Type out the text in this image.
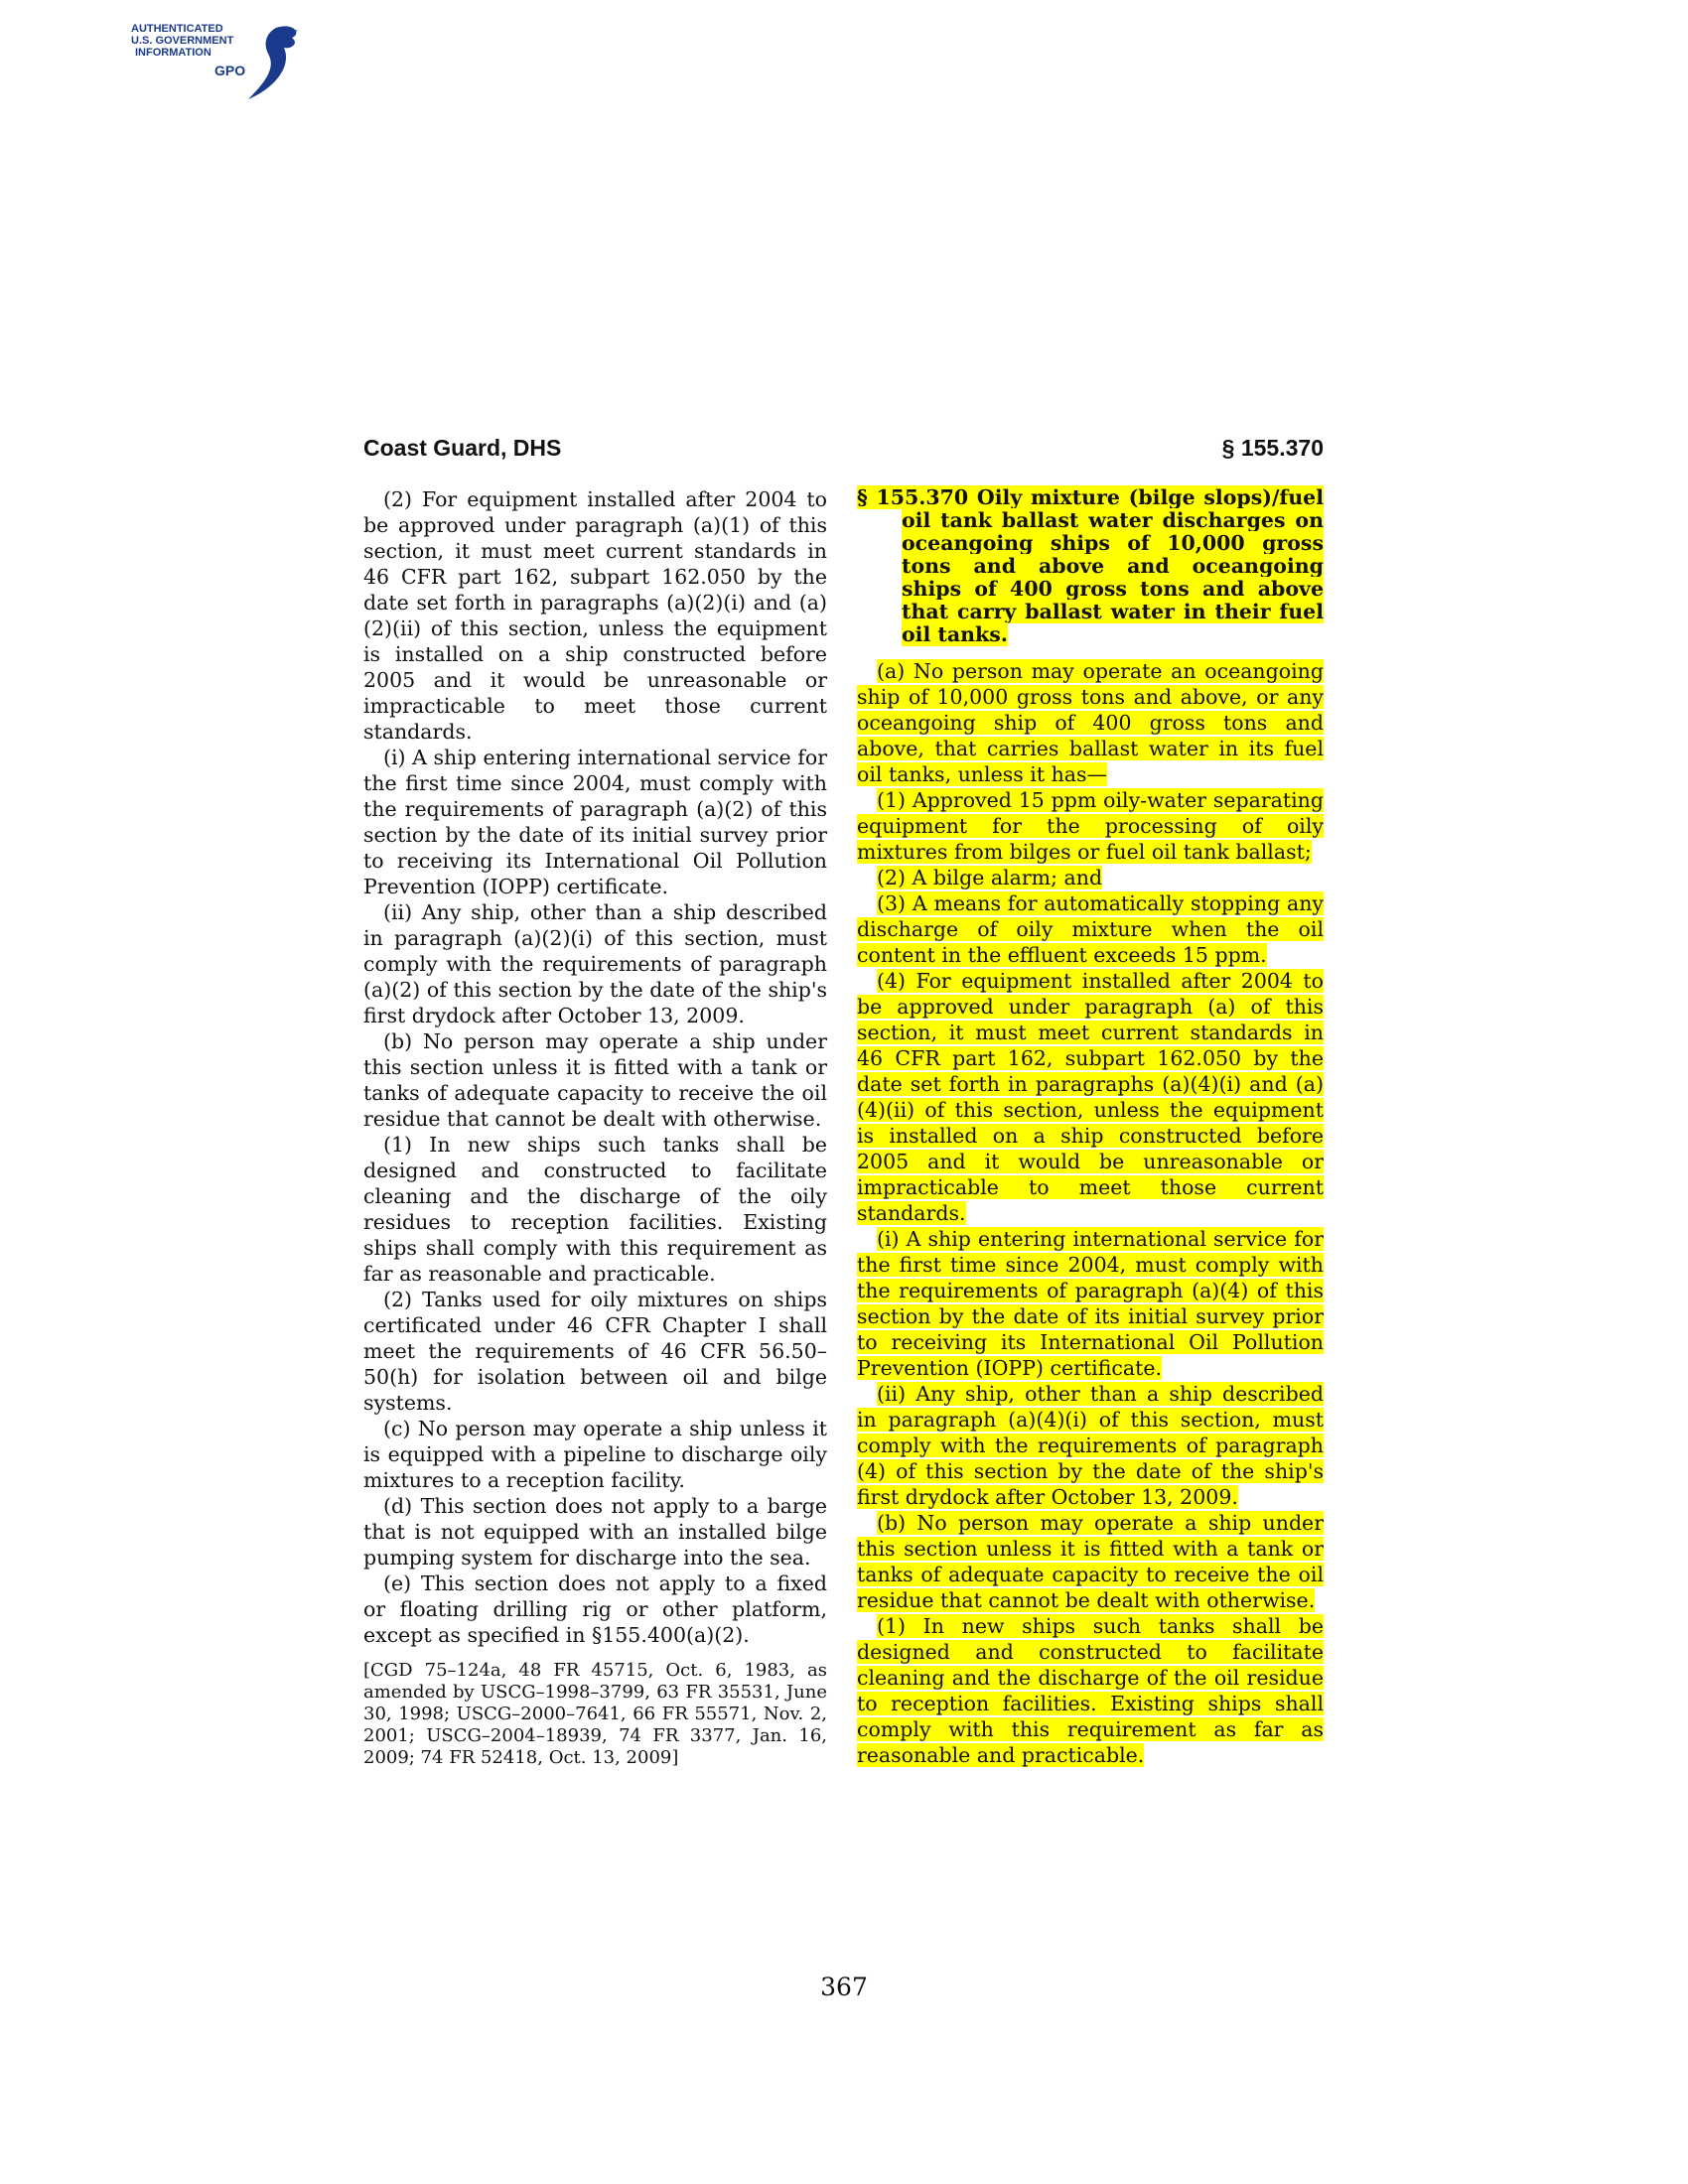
AUTHENTICATED
U.S. GOVERNMENT
INFORMATION
GPO
Coast Guard, DHS	§ 155.370

(2) For equipment installed after 2004 to be approved under paragraph (a)(1) of this section, it must meet current standards in 46 CFR part 162, subpart 162.050 by the date set forth in paragraphs (a)(2)(i) and (a)(2)(ii) of this section, unless the equipment is installed on a ship constructed before 2005 and it would be unreasonable or impracticable to meet those current standards.

(i) A ship entering international service for the first time since 2004, must comply with the requirements of paragraph (a)(2) of this section by the date of its initial survey prior to receiving its International Oil Pollution Prevention (IOPP) certificate.

(ii) Any ship, other than a ship described in paragraph (a)(2)(i) of this section, must comply with the requirements of paragraph (a)(2) of this section by the date of the ship's first drydock after October 13, 2009.

(b) No person may operate a ship under this section unless it is fitted with a tank or tanks of adequate capacity to receive the oil residue that cannot be dealt with otherwise.

(1) In new ships such tanks shall be designed and constructed to facilitate cleaning and the discharge of the oily residues to reception facilities. Existing ships shall comply with this requirement as far as reasonable and practicable.

(2) Tanks used for oily mixtures on ships certificated under 46 CFR Chapter I shall meet the requirements of 46 CFR 56.50–50(h) for isolation between oil and bilge systems.

(c) No person may operate a ship unless it is equipped with a pipeline to discharge oily mixtures to a reception facility.

(d) This section does not apply to a barge that is not equipped with an installed bilge pumping system for discharge into the sea.

(e) This section does not apply to a fixed or floating drilling rig or other platform, except as specified in §155.400(a)(2).

[CGD 75–124a, 48 FR 45715, Oct. 6, 1983, as amended by USCG–1998–3799, 63 FR 35531, June 30, 1998; USCG–2000–7641, 66 FR 55571, Nov. 2, 2001; USCG–2004–18939, 74 FR 3377, Jan. 16, 2009; 74 FR 52418, Oct. 13, 2009]

§ 155.370 Oily mixture (bilge slops)/fuel oil tank ballast water discharges on oceangoing ships of 10,000 gross tons and above and oceangoing ships of 400 gross tons and above that carry ballast water in their fuel oil tanks.

(a) No person may operate an oceangoing ship of 10,000 gross tons and above, or any oceangoing ship of 400 gross tons and above, that carries ballast water in its fuel oil tanks, unless it has—

(1) Approved 15 ppm oily-water separating equipment for the processing of oily mixtures from bilges or fuel oil tank ballast;

(2) A bilge alarm; and

(3) A means for automatically stopping any discharge of oily mixture when the oil content in the effluent exceeds 15 ppm.

(4) For equipment installed after 2004 to be approved under paragraph (a) of this section, it must meet current standards in 46 CFR part 162, subpart 162.050 by the date set forth in paragraphs (a)(4)(i) and (a)(4)(ii) of this section, unless the equipment is installed on a ship constructed before 2005 and it would be unreasonable or impracticable to meet those current standards.

(i) A ship entering international service for the first time since 2004, must comply with the requirements of paragraph (a)(4) of this section by the date of its initial survey prior to receiving its International Oil Pollution Prevention (IOPP) certificate.

(ii) Any ship, other than a ship described in paragraph (a)(4)(i) of this section, must comply with the requirements of paragraph (4) of this section by the date of the ship's first drydock after October 13, 2009.

(b) No person may operate a ship under this section unless it is fitted with a tank or tanks of adequate capacity to receive the oil residue that cannot be dealt with otherwise.

(1) In new ships such tanks shall be designed and constructed to facilitate cleaning and the discharge of the oil residue to reception facilities. Existing ships shall comply with this requirement as far as reasonable and practicable.

367
